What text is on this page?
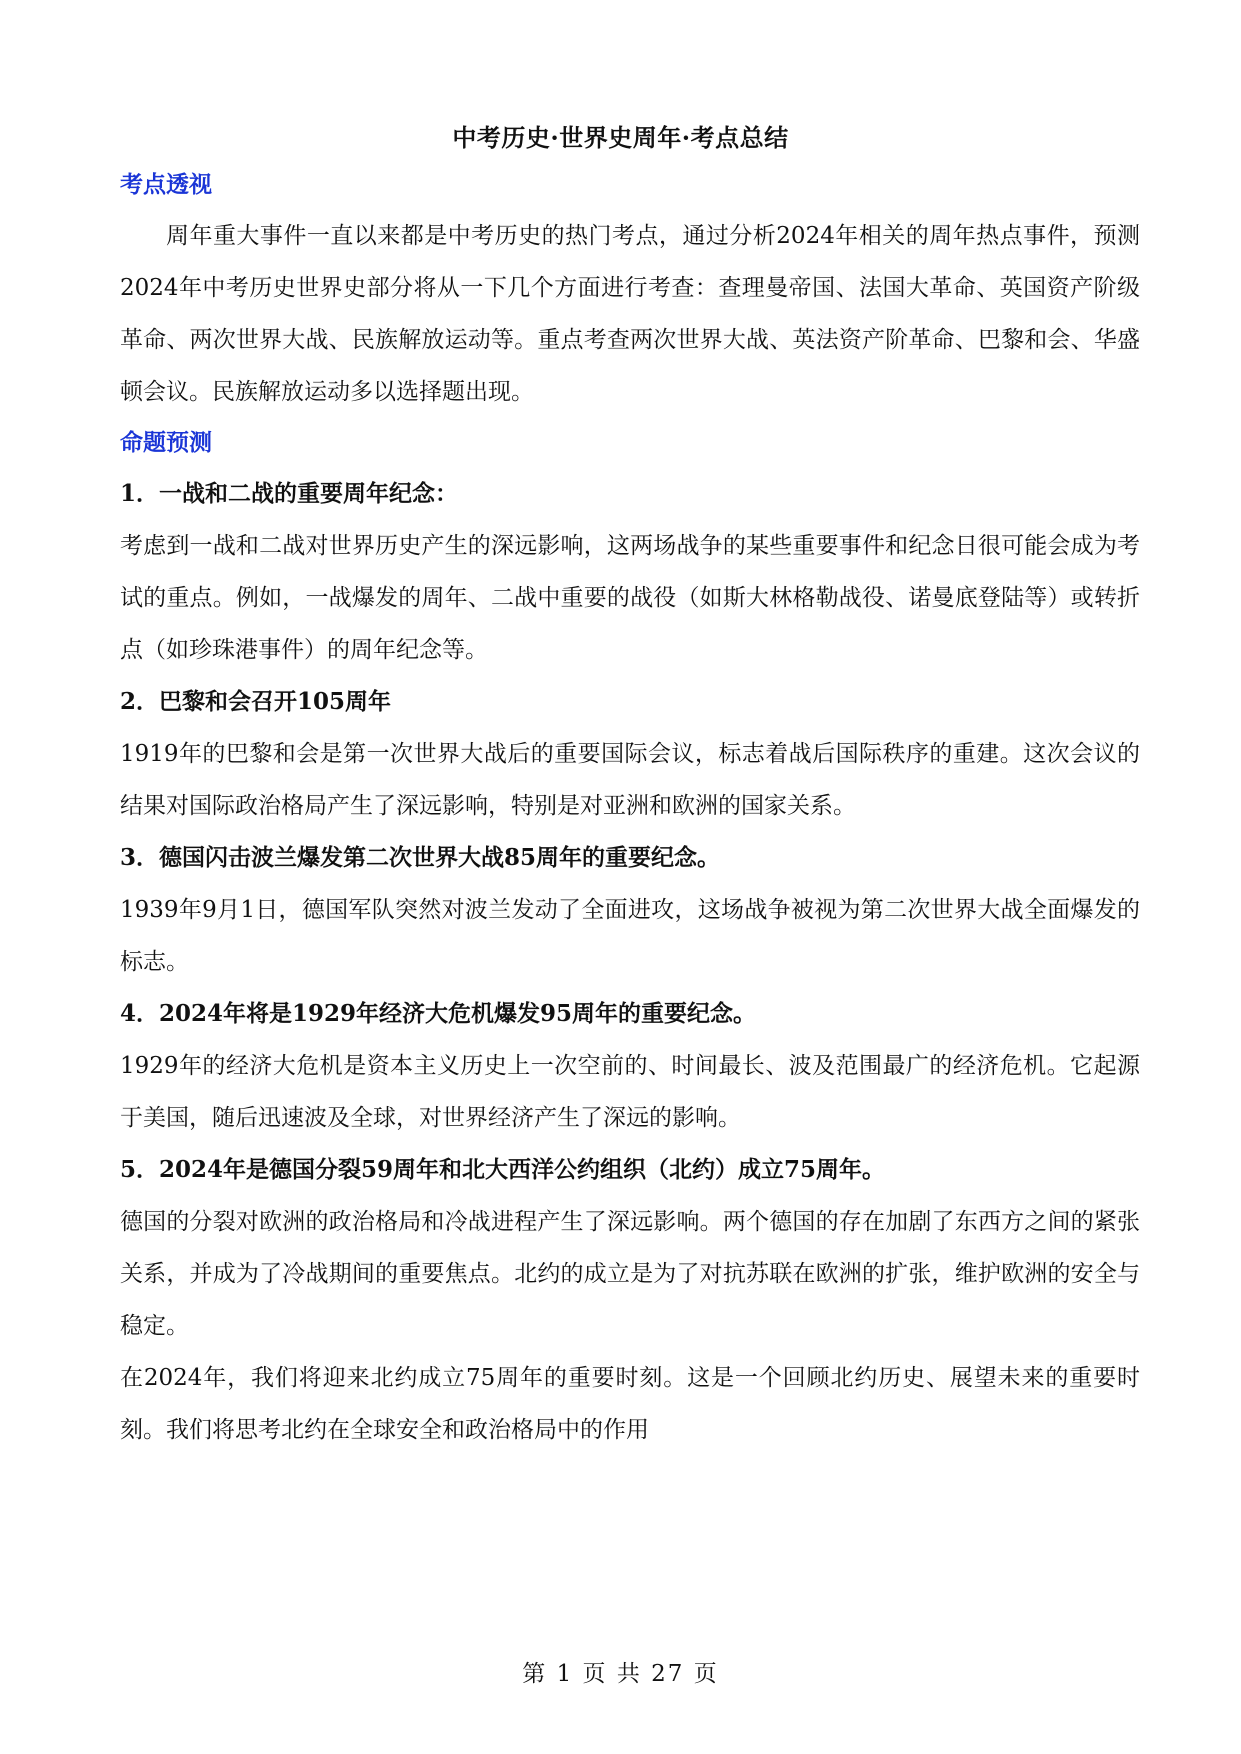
中考历史·世界史周年·考点总结
考点透视
周年重大事件一直以来都是中考历史的热门考点，通过分析2024年相关的周年热点事件，预测2024年中考历史世界史部分将从一下几个方面进行考查：查理曼帝国、法国大革命、英国资产阶级革命、两次世界大战、民族解放运动等。重点考查两次世界大战、英法资产阶革命、巴黎和会、华盛顿会议。民族解放运动多以选择题出现。
命题预测
1．一战和二战的重要周年纪念：
考虑到一战和二战对世界历史产生的深远影响，这两场战争的某些重要事件和纪念日很可能会成为考试的重点。例如，一战爆发的周年、二战中重要的战役（如斯大林格勒战役、诺曼底登陆等）或转折点（如珍珠港事件）的周年纪念等。
2．巴黎和会召开105周年
1919年的巴黎和会是第一次世界大战后的重要国际会议，标志着战后国际秩序的重建。这次会议的结果对国际政治格局产生了深远影响，特别是对亚洲和欧洲的国家关系。
3．德国闪击波兰爆发第二次世界大战85周年的重要纪念。
1939年9月1日，德国军队突然对波兰发动了全面进攻，这场战争被视为第二次世界大战全面爆发的标志。
4．2024年将是1929年经济大危机爆发95周年的重要纪念。
1929年的经济大危机是资本主义历史上一次空前的、时间最长、波及范围最广的经济危机。它起源于美国，随后迅速波及全球，对世界经济产生了深远的影响。
5．2024年是德国分裂59周年和北大西洋公约组织（北约）成立75周年。
德国的分裂对欧洲的政治格局和冷战进程产生了深远影响。两个德国的存在加剧了东西方之间的紧张关系，并成为了冷战期间的重要焦点。北约的成立是为了对抗苏联在欧洲的扩张，维护欧洲的安全与稳定。
在2024年，我们将迎来北约成立75周年的重要时刻。这是一个回顾北约历史、展望未来的重要时刻。我们将思考北约在全球安全和政治格局中的作用
第 1 页 共 27 页
